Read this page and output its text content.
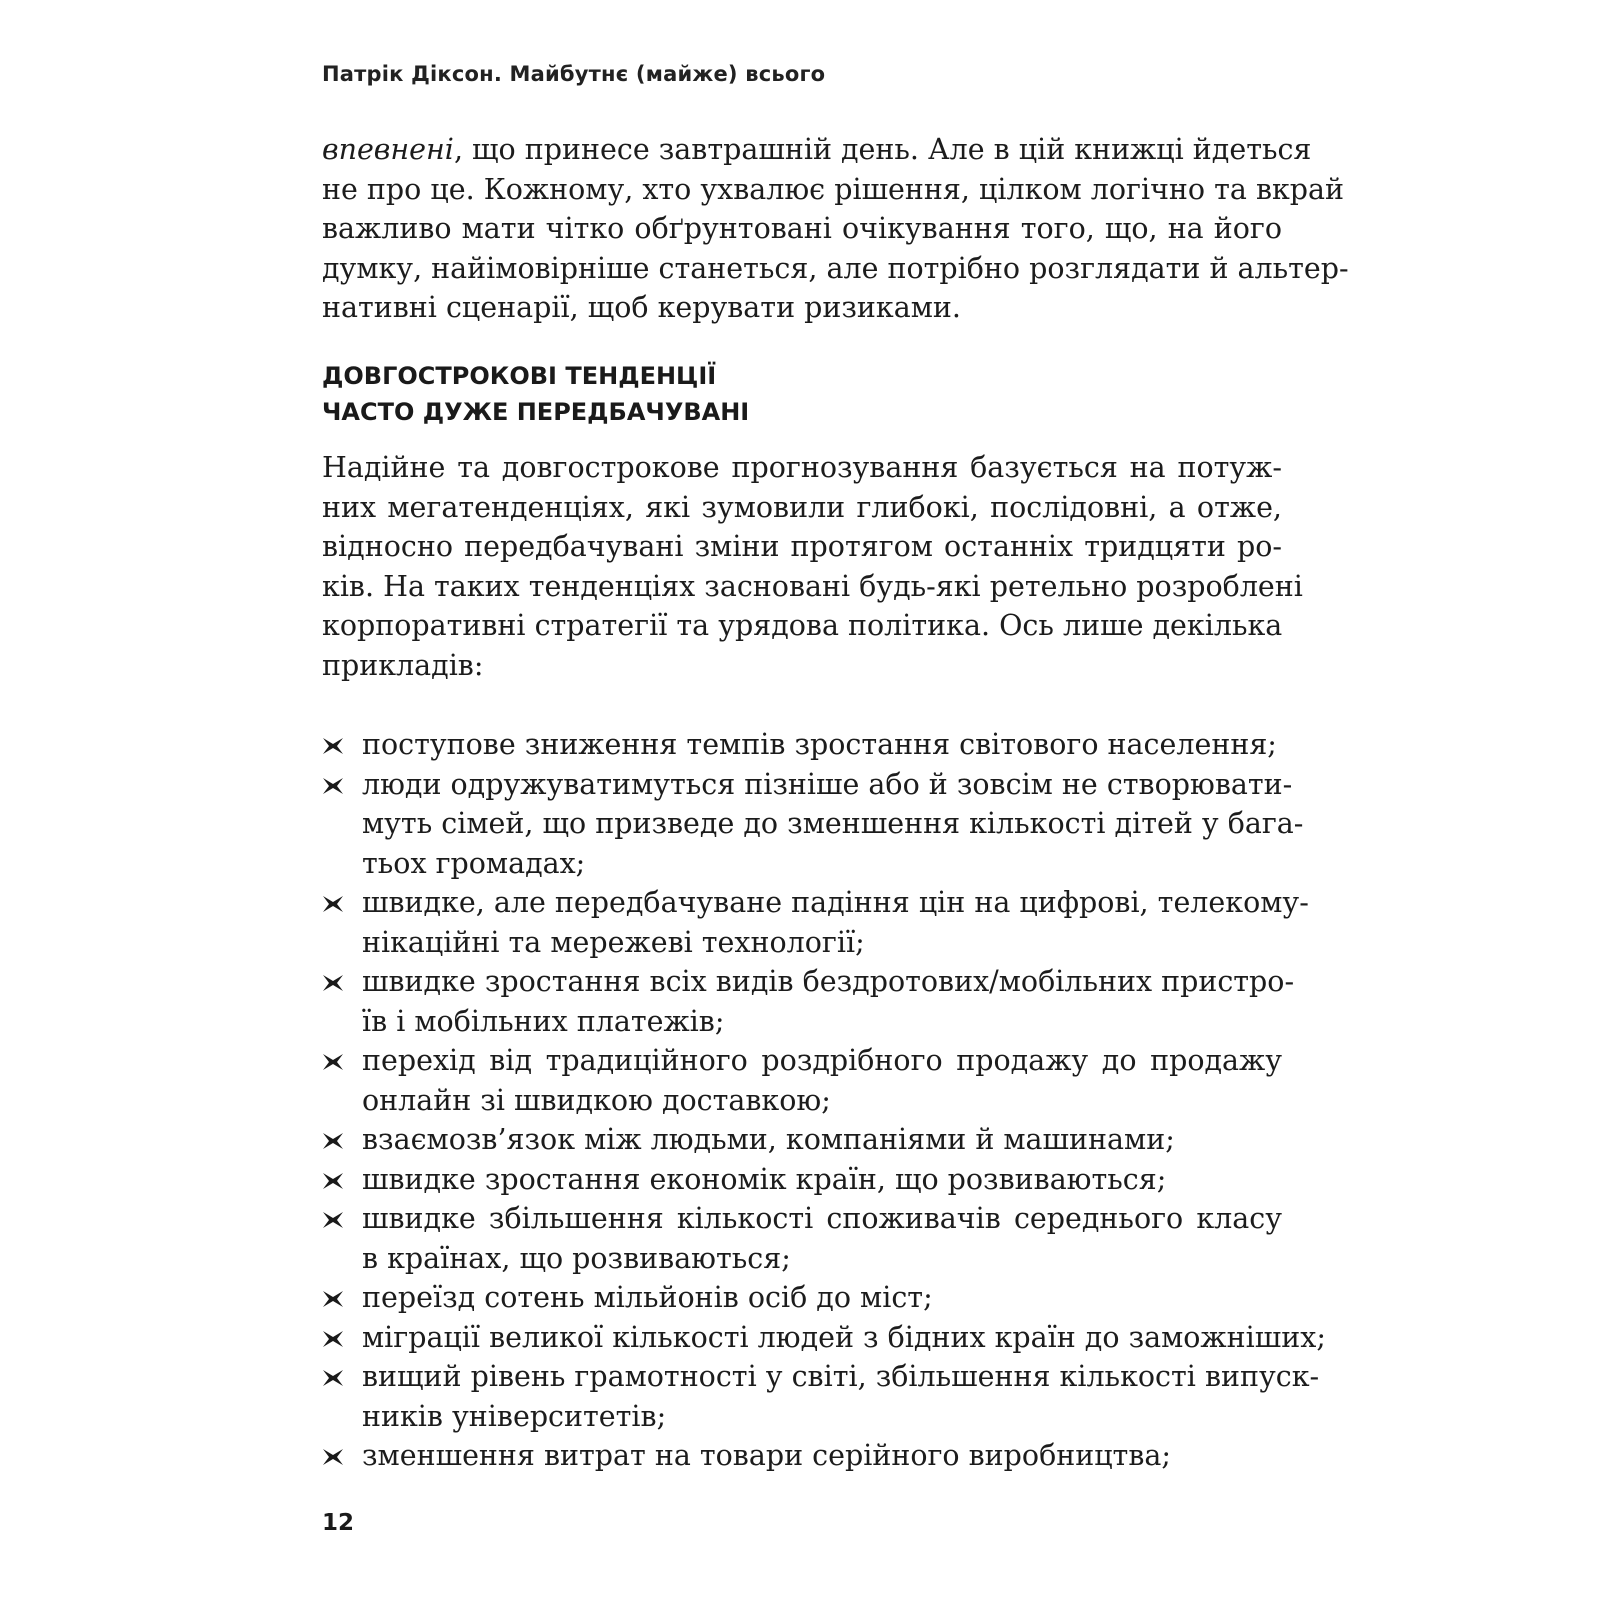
Патрік Діксон. Майбутнє (майже) всього
впевнені, що принесе завтрашній день. Але в цій книжці йдеться
не про це. Кожному, хто ухвалює рішення, цілком логічно та вкрай
важливо мати чітко обґрунтовані очікування того, що, на його
думку, найімовірніше станеться, але потрібно розглядати й альтер-
нативні сценарії, щоб керувати ризиками.
ДОВГОСТРОКОВІ ТЕНДЕНЦІЇ
ЧАСТО ДУЖЕ ПЕРЕДБАЧУВАНІ
Надійне та довгострокове прогнозування базується на потуж-
них мегатенденціях, які зумовили глибокі, послідовні, а отже,
відносно передбачувані зміни протягом останніх тридцяти ро-
ків. На таких тенденціях засновані будь-які ретельно розроблені
корпоративні стратегії та урядова політика. Ось лише декілька
прикладів:
поступове зниження темпів зростання світового населення;
люди одружуватимуться пізніше або й зовсім не створювати-
муть сімей, що призведе до зменшення кількості дітей у бага-
тьох громадах;
швидке, але передбачуване падіння цін на цифрові, телекому-
нікаційні та мережеві технології;
швидке зростання всіх видів бездротових/мобільних пристро-
їв і мобільних платежів;
перехід від традиційного роздрібного продажу до продажу
онлайн зі швидкою доставкою;
взаємозв’язок між людьми, компаніями й машинами;
швидке зростання економік країн, що розвиваються;
швидке збільшення кількості споживачів середнього класу
в країнах, що розвиваються;
переїзд сотень мільйонів осіб до міст;
міграції великої кількості людей з бідних країн до заможніших;
вищий рівень грамотності у світі, збільшення кількості випуск-
ників університетів;
зменшення витрат на товари серійного виробництва;
12
